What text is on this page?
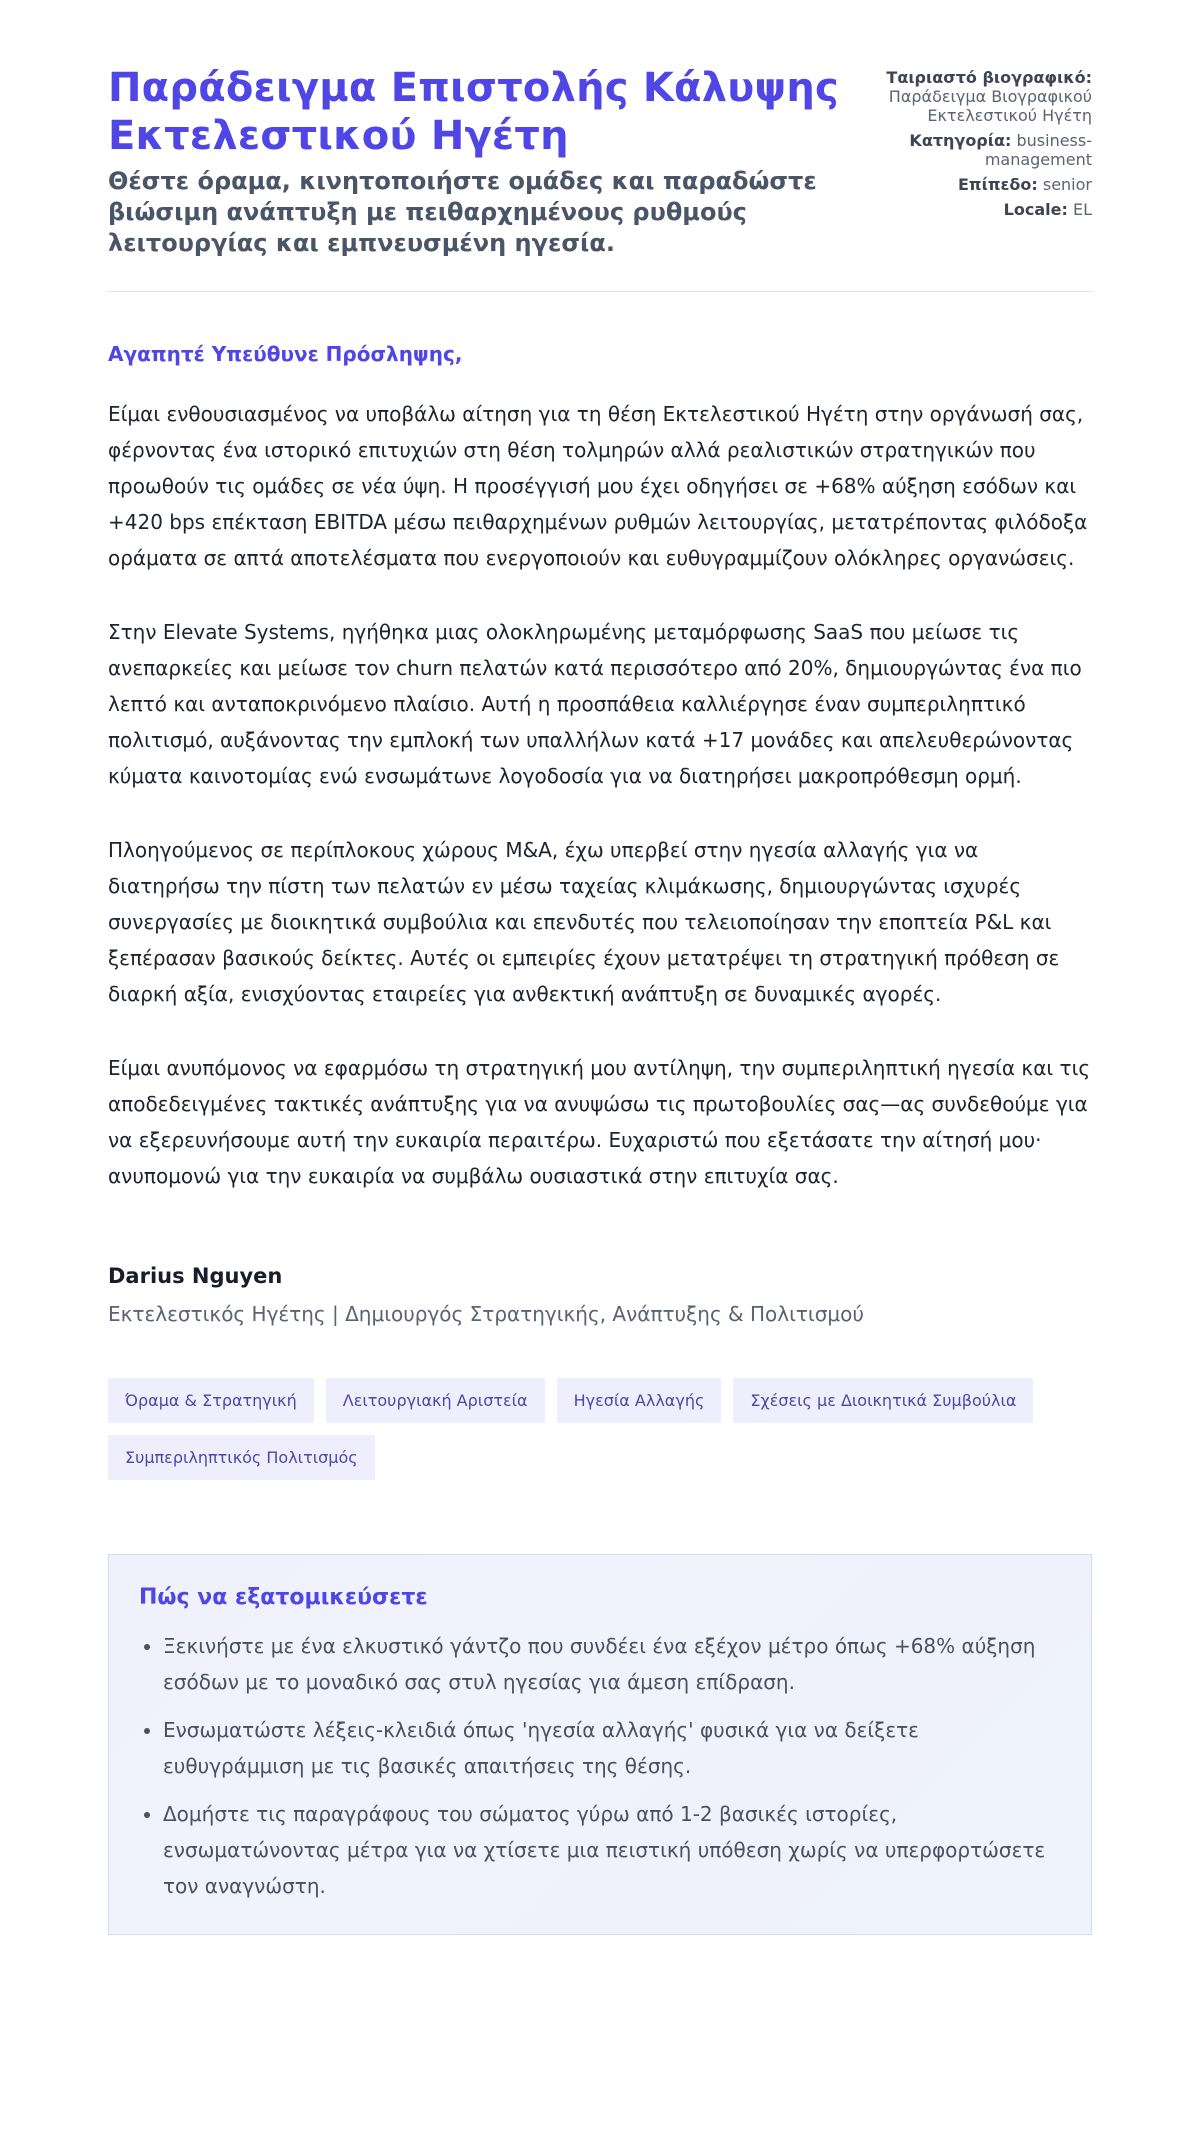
Παράδειγμα Επιστολής Κάλυψης Εκτελεστικού Ηγέτη

Θέστε όραμα, κινητοποιήστε ομάδες και παραδώστε βιώσιμη ανάπτυξη με πειθαρχημένους ρυθμούς λειτουργίας και εμπνευσμένη ηγεσία.

Ταιριαστό βιογραφικό: Παράδειγμα Βιογραφικού Εκτελεστικού Ηγέτη
Κατηγορία: business-management
Επίπεδο: senior
Locale: EL

Αγαπητέ Υπεύθυνε Πρόσληψης,

Είμαι ενθουσιασμένος να υποβάλω αίτηση για τη θέση Εκτελεστικού Ηγέτη στην οργάνωσή σας, φέρνοντας ένα ιστορικό επιτυχιών στη θέση τολμηρών αλλά ρεαλιστικών στρατηγικών που προωθούν τις ομάδες σε νέα ύψη. Η προσέγγισή μου έχει οδηγήσει σε +68% αύξηση εσόδων και +420 bps επέκταση EBITDA μέσω πειθαρχημένων ρυθμών λειτουργίας, μετατρέποντας φιλόδοξα οράματα σε απτά αποτελέσματα που ενεργοποιούν και ευθυγραμμίζουν ολόκληρες οργανώσεις.

Στην Elevate Systems, ηγήθηκα μιας ολοκληρωμένης μεταμόρφωσης SaaS που μείωσε τις ανεπαρκείες και μείωσε τον churn πελατών κατά περισσότερο από 20%, δημιουργώντας ένα πιο λεπτό και ανταποκρινόμενο πλαίσιο. Αυτή η προσπάθεια καλλιέργησε έναν συμπεριληπτικό πολιτισμό, αυξάνοντας την εμπλοκή των υπαλλήλων κατά +17 μονάδες και απελευθερώνοντας κύματα καινοτομίας ενώ ενσωμάτωνε λογοδοσία για να διατηρήσει μακροπρόθεσμη ορμή.

Πλοηγούμενος σε περίπλοκους χώρους M&A, έχω υπερβεί στην ηγεσία αλλαγής για να διατηρήσω την πίστη των πελατών εν μέσω ταχείας κλιμάκωσης, δημιουργώντας ισχυρές συνεργασίες με διοικητικά συμβούλια και επενδυτές που τελειοποίησαν την εποπτεία P&L και ξεπέρασαν βασικούς δείκτες. Αυτές οι εμπειρίες έχουν μετατρέψει τη στρατηγική πρόθεση σε διαρκή αξία, ενισχύοντας εταιρείες για ανθεκτική ανάπτυξη σε δυναμικές αγορές.

Είμαι ανυπόμονος να εφαρμόσω τη στρατηγική μου αντίληψη, την συμπεριληπτική ηγεσία και τις αποδεδειγμένες τακτικές ανάπτυξης για να ανυψώσω τις πρωτοβουλίες σας—ας συνδεθούμε για να εξερευνήσουμε αυτή την ευκαιρία περαιτέρω. Ευχαριστώ που εξετάσατε την αίτησή μου· ανυπομονώ για την ευκαιρία να συμβάλω ουσιαστικά στην επιτυχία σας.

Darius Nguyen

Εκτελεστικός Ηγέτης | Δημιουργός Στρατηγικής, Ανάπτυξης & Πολιτισμού

Όραμα & Στρατηγική	Λειτουργιακή Αριστεία	Ηγεσία Αλλαγής	Σχέσεις με Διοικητικά Συμβούλια
Συμπεριληπτικός Πολιτισμός
Πώς να εξατομικεύσετε
• Ξεκινήστε με ένα ελκυστικό γάντζο που συνδέει ένα εξέχον μέτρο όπως +68% αύξηση εσόδων με το μοναδικό σας στυλ ηγεσίας για άμεση επίδραση.
• Ενσωματώστε λέξεις-κλειδιά όπως 'ηγεσία αλλαγής' φυσικά για να δείξετε ευθυγράμμιση με τις βασικές απαιτήσεις της θέσης.
• Δομήστε τις παραγράφους του σώματος γύρω από 1-2 βασικές ιστορίες, ενσωματώνοντας μέτρα για να χτίσετε μια πειστική υπόθεση χωρίς να υπερφορτώσετε τον αναγνώστη.
